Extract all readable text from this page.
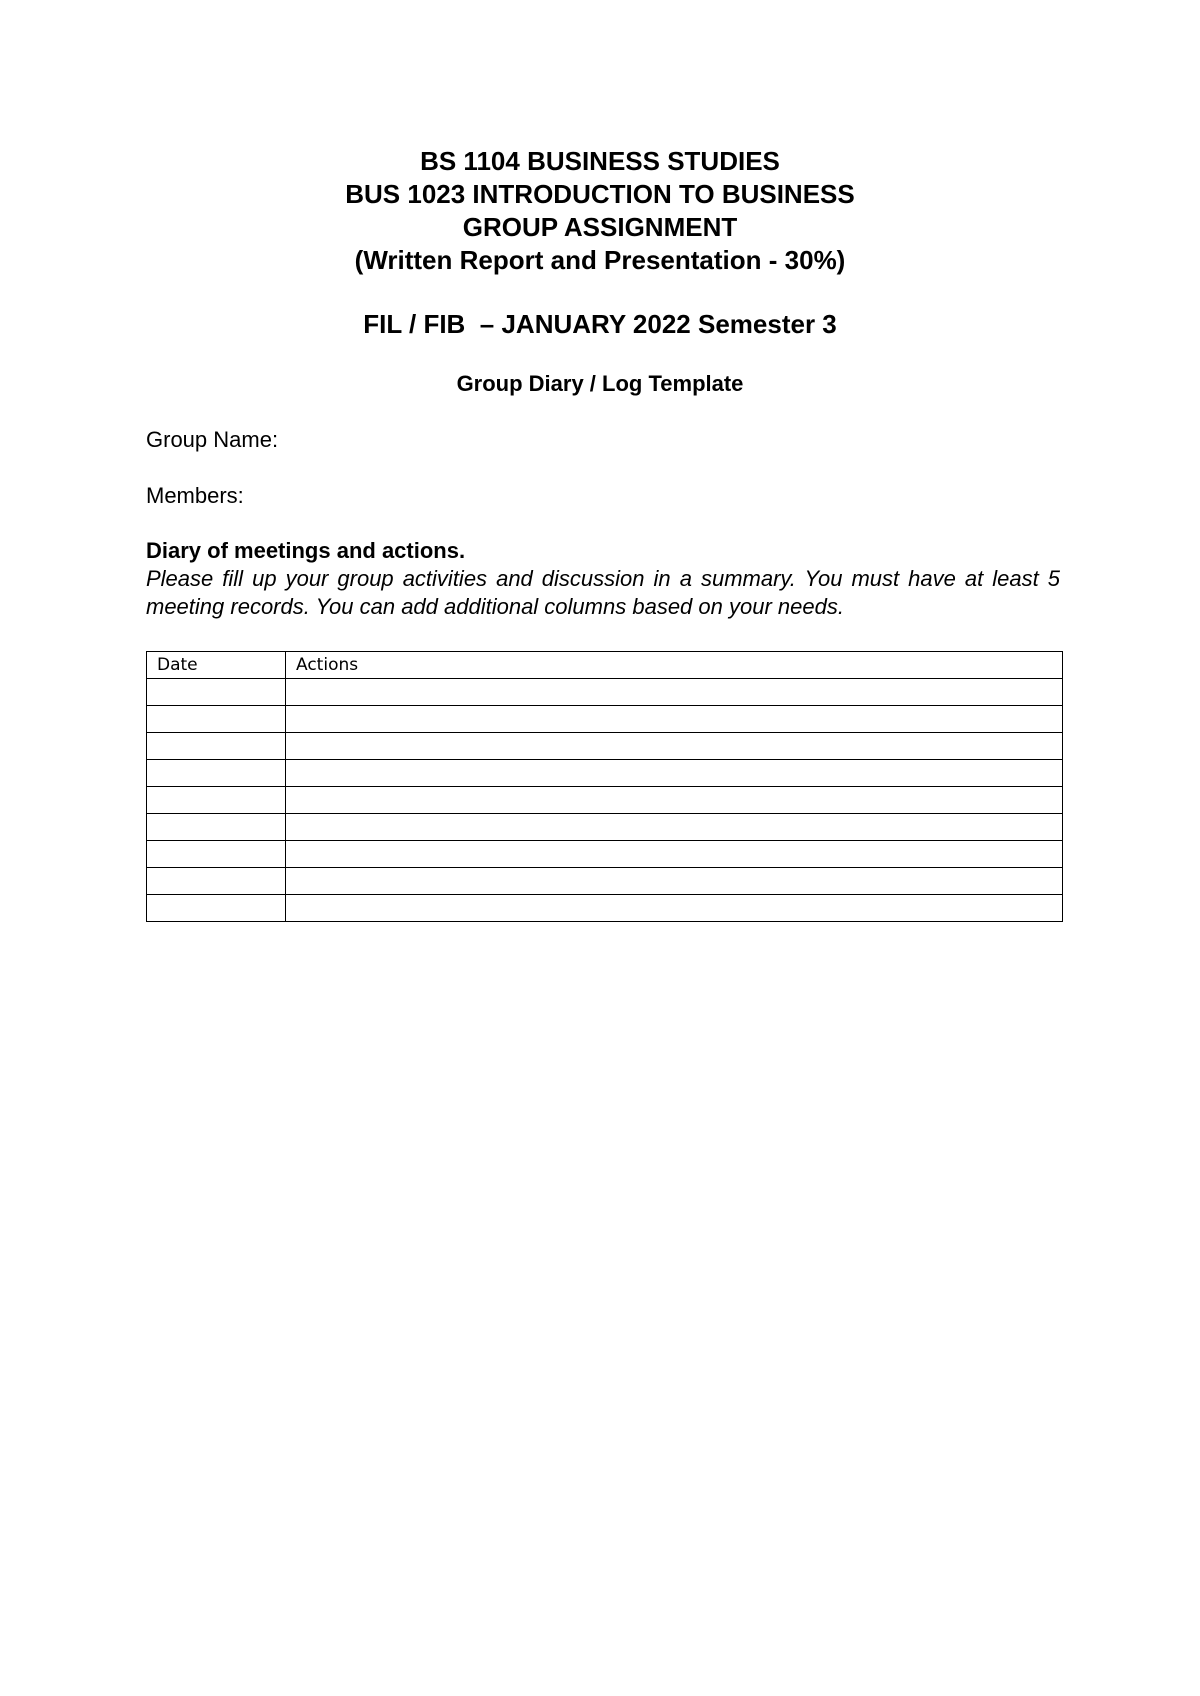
BS 1104 BUSINESS STUDIES
BUS 1023 INTRODUCTION TO BUSINESS
GROUP ASSIGNMENT
(Written Report and Presentation - 30%)
FIL / FIB  – JANUARY 2022 Semester 3
Group Diary / Log Template
Group Name:
Members:
Diary of meetings and actions.
Please fill up your group activities and discussion in a summary. You must have at least 5 meeting records. You can add additional columns based on your needs.
Date	Actions
